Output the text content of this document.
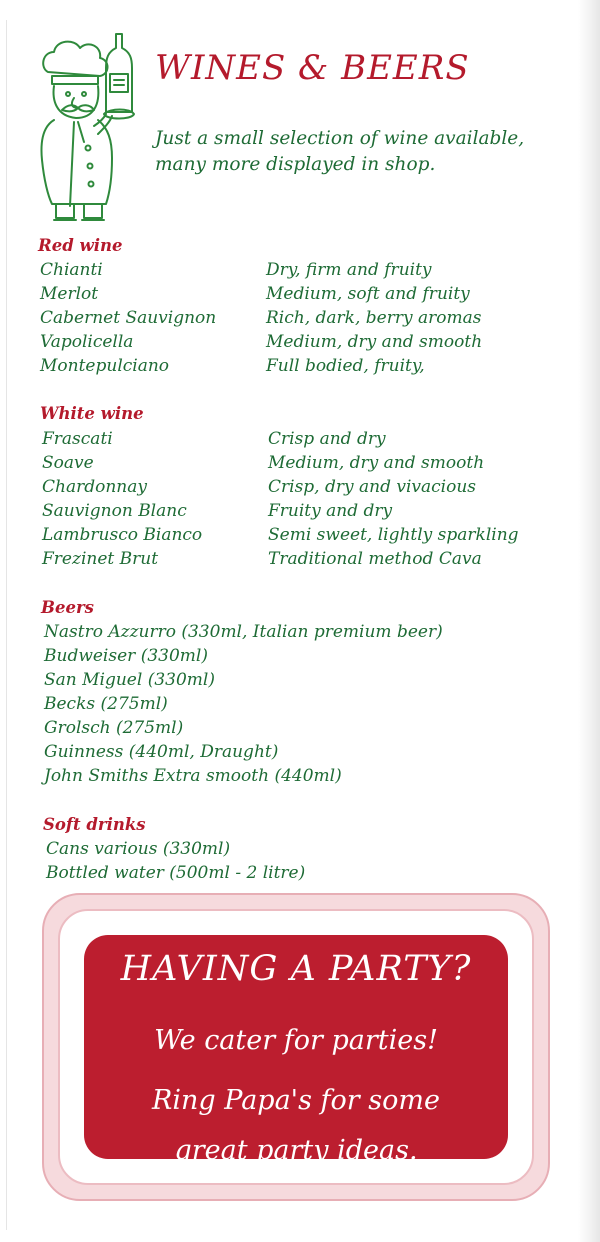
WINES & BEERS
Just a small selection of wine available,
many more displayed in shop.
Red wine
Chianti	Dry, firm and fruity
Merlot	Medium, soft and fruity
Cabernet Sauvignon	Rich, dark, berry aromas
Vapolicella	Medium, dry and smooth
Montepulciano	Full bodied, fruity,
White wine
Frascati	Crisp and dry
Soave	Medium, dry and smooth
Chardonnay	Crisp, dry and vivacious
Sauvignon Blanc	Fruity and dry
Lambrusco Bianco	Semi sweet, lightly sparkling
Frezinet Brut	Traditional method Cava
Beers
Nastro Azzurro (330ml, Italian premium beer)
Budweiser (330ml)
San Miguel (330ml)
Becks (275ml)
Grolsch (275ml)
Guinness (440ml, Draught)
John Smiths Extra smooth (440ml)
Soft drinks
Cans various (330ml)
Bottled water (500ml - 2 litre)
HAVING A PARTY?
We cater for parties!
Ring Papa's for some
great party ideas.
